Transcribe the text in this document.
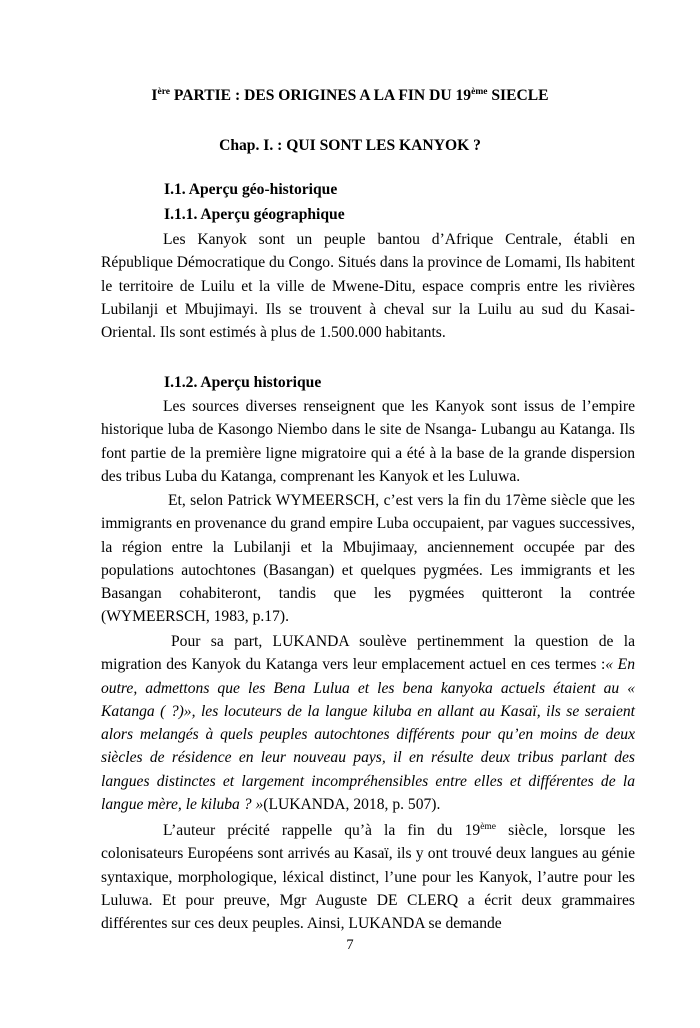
Ière PARTIE : DES ORIGINES A LA FIN DU 19ème SIECLE
Chap. I. : QUI SONT LES KANYOK ?
I.1. Aperçu géo-historique
I.1.1. Aperçu géographique

Les Kanyok sont un peuple bantou d’Afrique Centrale, établi en République Démocratique du Congo. Situés dans la province de Lomami, Ils habitent le territoire de Luilu et la ville de Mwene-Ditu, espace compris entre les rivières Lubilanji et Mbujimayi. Ils se trouvent à cheval sur la Luilu au sud du Kasai-Oriental. Ils sont estimés à plus de 1.500.000 habitants.

I.1.2. Aperçu historique

Les sources diverses renseignent que les Kanyok sont issus de l’empire historique luba de Kasongo Niembo dans le site de Nsanga- Lubangu au Katanga. Ils font partie de la première ligne migratoire qui a été à la base de la grande dispersion des tribus Luba du Katanga, comprenant les Kanyok et les Luluwa.

Et, selon Patrick WYMEERSCH, c’est vers la fin du 17ème siècle que les immigrants en provenance du grand empire Luba occupaient, par vagues successives, la région entre la Lubilanji et la Mbujimaay, anciennement occupée par des populations autochtones (Basangan) et quelques pygmées. Les immigrants et les Basangan cohabiteront, tandis que les pygmées quitteront la contrée (WYMEERSCH, 1983, p.17).

Pour sa part, LUKANDA soulève pertinemment la question de la migration des Kanyok du Katanga vers leur emplacement actuel en ces termes :« En outre, admettons que les Bena Lulua et les bena kanyoka actuels étaient au « Katanga ( ?)», les locuteurs de la langue kiluba en allant au Kasaï, ils se seraient alors melangés à quels peuples autochtones différents pour qu’en moins de deux siècles de résidence en leur nouveau pays, il en résulte deux tribus parlant des langues distinctes et largement incompréhensibles entre elles et différentes de la langue mère, le kiluba ? »(LUKANDA, 2018, p. 507).

L’auteur précité rappelle qu’à la fin du 19ème siècle, lorsque les colonisateurs Européens sont arrivés au Kasaï, ils y ont trouvé deux langues au génie syntaxique, morphologique, léxical distinct, l’une pour les Kanyok, l’autre pour les Luluwa. Et pour preuve, Mgr Auguste DE CLERQ a écrit deux grammaires différentes sur ces deux peuples. Ainsi, LUKANDA se demande

7
